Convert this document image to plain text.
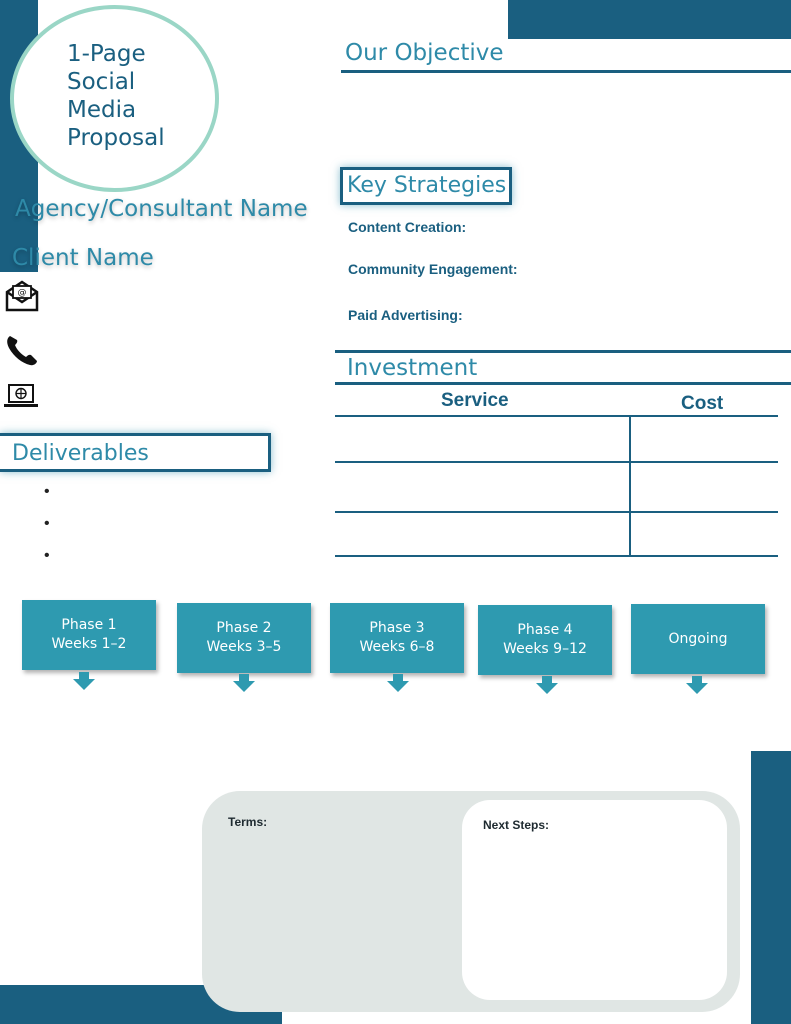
1-Page
Social
Media
Proposal
Agency/Consultant Name
Client Name
@
Deliverables
•
•
•
Our Objective
Key Strategies
Content Creation:
Community Engagement:
Paid Advertising:
Investment
Service	Cost
Phase 1
Weeks 1–2
Phase 2
Weeks 3–5
Phase 3
Weeks 6–8
Phase 4
Weeks 9–12
Ongoing
Terms:	Next Steps:
